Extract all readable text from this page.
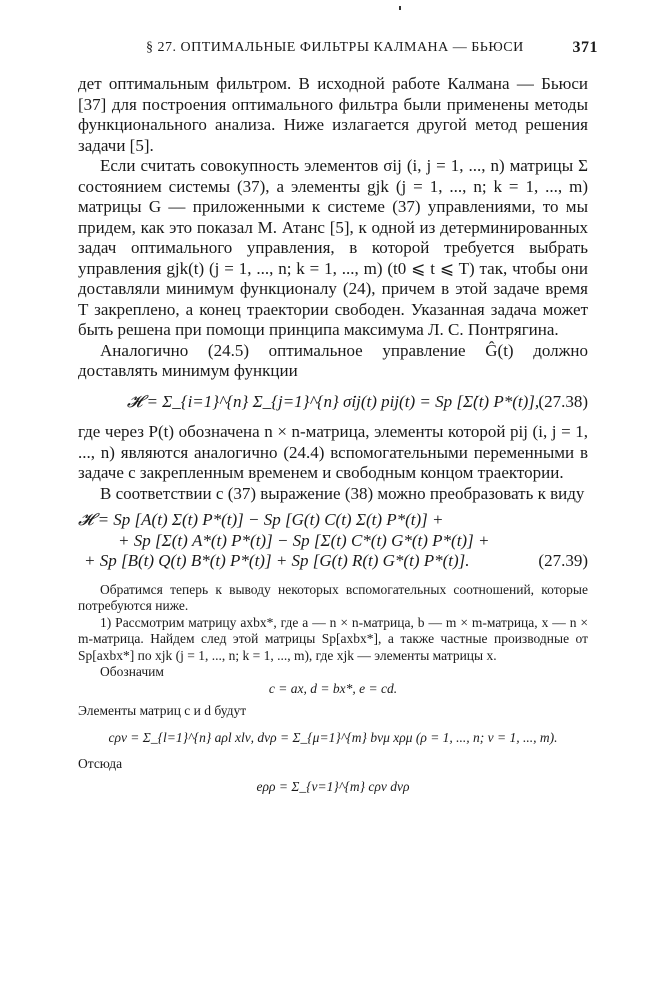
§ 27. ОПТИМАЛЬНЫЕ ФИЛЬТРЫ КАЛМАНА — БЬЮСИ	371

дет оптимальным фильтром. В исходной работе Калмана — Бьюси [37] для построения оптимального фильтра были применены методы функционального анализа. Ниже излагается другой метод решения задачи [5].

Если считать совокупность элементов σij (i, j = 1, ..., n) матрицы Σ состоянием системы (37), а элементы gjk (j = 1, ..., n; k = 1, ..., m) матрицы G — приложенными к системе (37) управлениями, то мы придем, как это показал М. Атанс [5], к одной из детерминированных задач оптимального управления, в которой требуется выбрать управления gjk(t) (j = 1, ..., n; k = 1, ..., m) (t0 ⩽ t ⩽ T) так, чтобы они доставляли минимум функционалу (24), причем в этой задаче время T закреплено, а конец траектории свободен. Указанная задача может быть решена при помощи принципа максимума Л. С. Понтрягина.

Аналогично (24.5) оптимальное управление Ĝ(t) должно доставлять минимум функции

𝓗 = Σ_{i=1}^{n} Σ_{j=1}^{n} σ̇ij(t) pij(t) = Sp [Σ̇(t) P*(t)], (27.38)

где через P(t) обозначена n × n-матрица, элементы которой pij (i, j = 1, ..., n) являются аналогично (24.4) вспомогательными переменными в задаче с закрепленным временем и свободным концом траектории.

В соответствии с (37) выражение (38) можно преобразовать к виду

𝓗 = Sp [A(t) Σ(t) P*(t)] − Sp [G(t) C(t) Σ(t) P*(t)] +
+ Sp [Σ(t) A*(t) P*(t)] − Sp [Σ(t) C*(t) G*(t) P*(t)] +
+ Sp [B(t) Q(t) B*(t) P*(t)] + Sp [G(t) R(t) G*(t) P*(t)].	(27.39)

Обратимся теперь к выводу некоторых вспомогательных соотношений, которые потребуются ниже.

1) Рассмотрим матрицу axbx*, где a — n × n-матрица, b — m × m-матрица, x — n × m-матрица. Найдем след этой матрицы Sp[axbx*], а также частные производные от Sp[axbx*] по xjk (j = 1, ..., n; k = 1, ..., m), где xjk — элементы матрицы x.

Обозначим

c = ax, d = bx*, e = cd.

Элементы матриц c и d будут

cρν = Σ_{l=1}^{n} aρl xlν, dνρ = Σ_{μ=1}^{m} bνμ xρμ (ρ = 1, ..., n; ν = 1, ..., m).

Отсюда

eρρ = Σ_{ν=1}^{m} cρν dνρ
